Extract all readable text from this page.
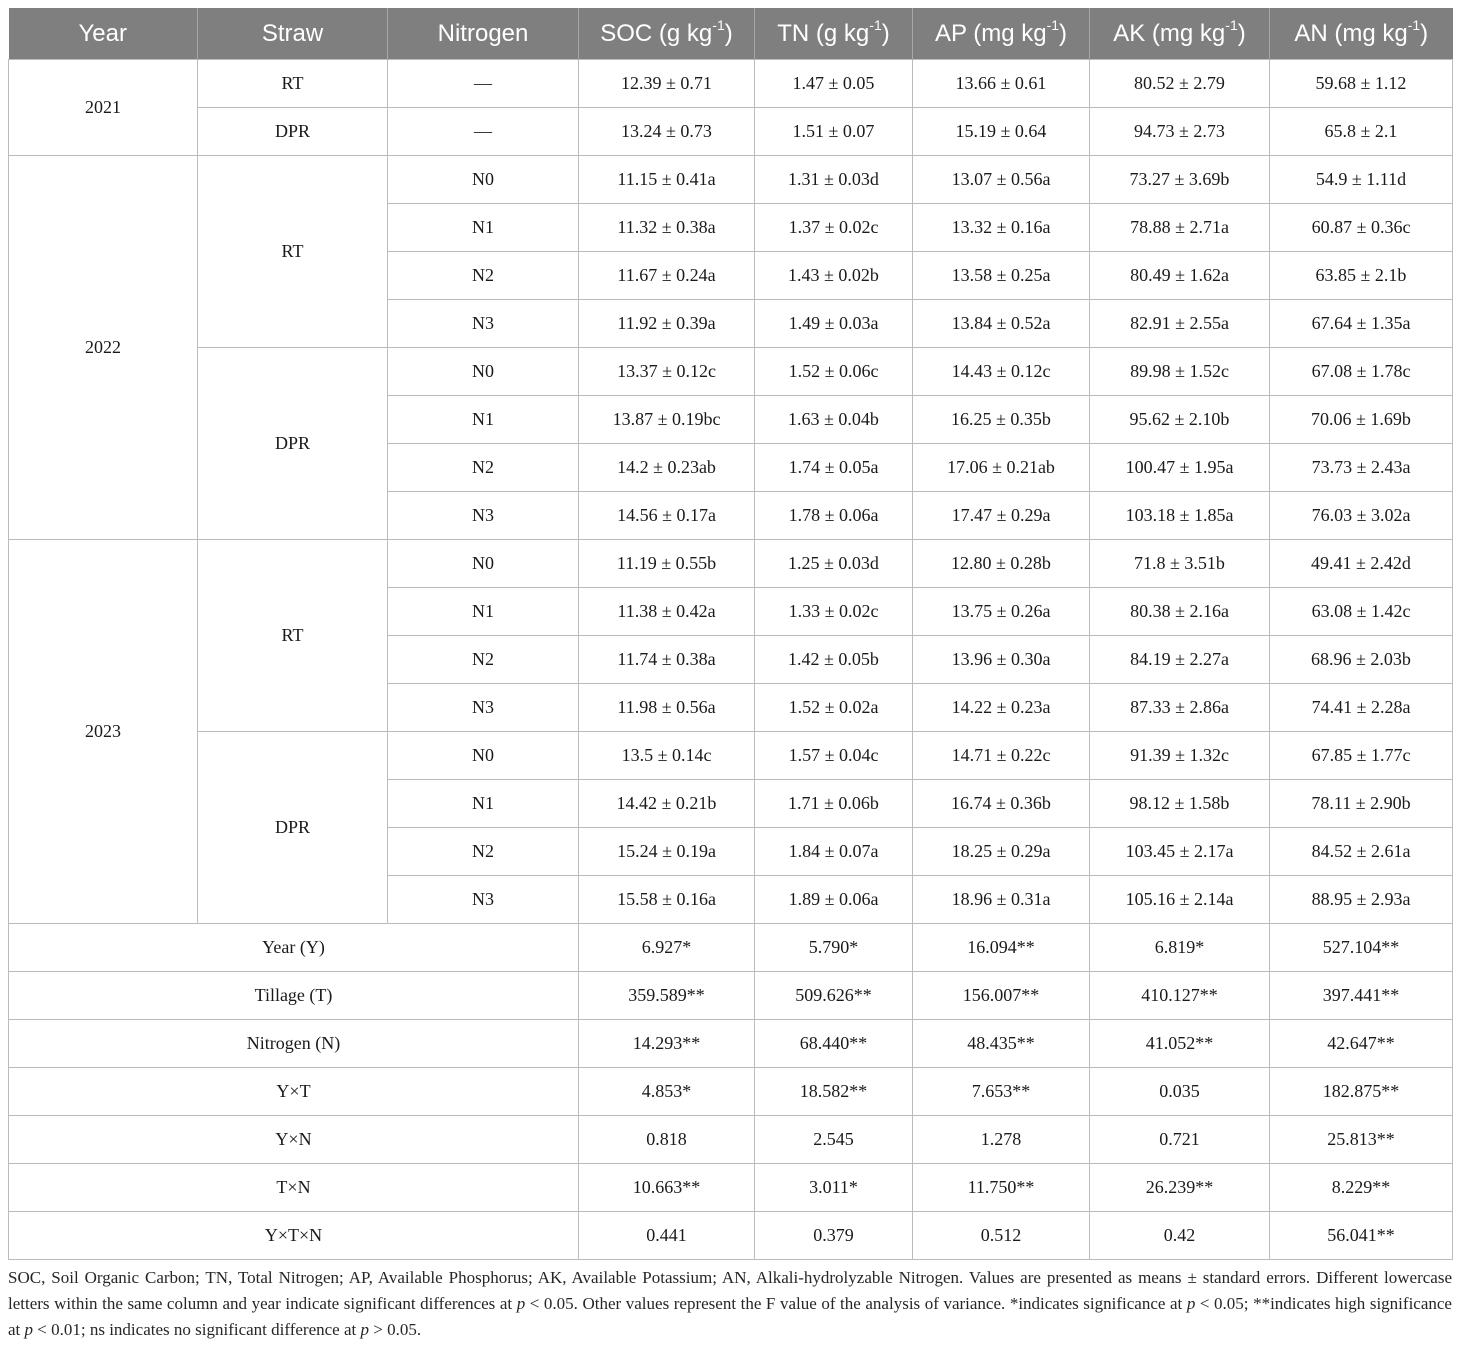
Year	Straw	Nitrogen	SOC (g $kg^{-1}$)	TN (g $kg^{-1}$)	AP (mg $kg^{-1}$)	AK (mg $kg^{-1}$)	AN (mg $kg^{-1}$)
2021	RT	—	12.39 ± 0.71	1.47 ± 0.05	13.66 ± 0.61	80.52 ± 2.79	59.68 ± 1.12
	DPR	—	13.24 ± 0.73	1.51 ± 0.07	15.19 ± 0.64	94.73 ± 2.73	65.8 ± 2.1
2022	RT	N0	11.15 ± 0.41a	1.31 ± 0.03d	13.07 ± 0.56a	73.27 ± 3.69b	54.9 ± 1.11d
		N1	11.32 ± 0.38a	1.37 ± 0.02c	13.32 ± 0.16a	78.88 ± 2.71a	60.87 ± 0.36c
		N2	11.67 ± 0.24a	1.43 ± 0.02b	13.58 ± 0.25a	80.49 ± 1.62a	63.85 ± 2.1b
		N3	11.92 ± 0.39a	1.49 ± 0.03a	13.84 ± 0.52a	82.91 ± 2.55a	67.64 ± 1.35a
	DPR	N0	13.37 ± 0.12c	1.52 ± 0.06c	14.43 ± 0.12c	89.98 ± 1.52c	67.08 ± 1.78c
		N1	13.87 ± 0.19bc	1.63 ± 0.04b	16.25 ± 0.35b	95.62 ± 2.10b	70.06 ± 1.69b
		N2	14.2 ± 0.23ab	1.74 ± 0.05a	17.06 ± 0.21ab	100.47 ± 1.95a	73.73 ± 2.43a
		N3	14.56 ± 0.17a	1.78 ± 0.06a	17.47 ± 0.29a	103.18 ± 1.85a	76.03 ± 3.02a
2023	RT	N0	11.19 ± 0.55b	1.25 ± 0.03d	12.80 ± 0.28b	71.8 ± 3.51b	49.41 ± 2.42d
		N1	11.38 ± 0.42a	1.33 ± 0.02c	13.75 ± 0.26a	80.38 ± 2.16a	63.08 ± 1.42c
		N2	11.74 ± 0.38a	1.42 ± 0.05b	13.96 ± 0.30a	84.19 ± 2.27a	68.96 ± 2.03b
		N3	11.98 ± 0.56a	1.52 ± 0.02a	14.22 ± 0.23a	87.33 ± 2.86a	74.41 ± 2.28a
	DPR	N0	13.5 ± 0.14c	1.57 ± 0.04c	14.71 ± 0.22c	91.39 ± 1.32c	67.85 ± 1.77c
		N1	14.42 ± 0.21b	1.71 ± 0.06b	16.74 ± 0.36b	98.12 ± 1.58b	78.11 ± 2.90b
		N2	15.24 ± 0.19a	1.84 ± 0.07a	18.25 ± 0.29a	103.45 ± 2.17a	84.52 ± 2.61a
		N3	15.58 ± 0.16a	1.89 ± 0.06a	18.96 ± 0.31a	105.16 ± 2.14a	88.95 ± 2.93a
Year (Y)			6.927*	5.790*	16.094**	6.819*	527.104**
Tillage (T)			359.589**	509.626**	156.007**	410.127**	397.441**
Nitrogen (N)			14.293**	68.440**	48.435**	41.052**	42.647**
Y×T			4.853*	18.582**	7.653**	0.035	182.875**
Y×N			0.818	2.545	1.278	0.721	25.813**
T×N			10.663**	3.011*	11.750**	26.239**	8.229**
Y×T×N			0.441	0.379	0.512	0.42	56.041**

SOC, Soil Organic Carbon; TN, Total Nitrogen; AP, Available Phosphorus; AK, Available Potassium; AN, Alkali-hydrolyzable Nitrogen. Values are presented as means ± standard errors. Different lowercase letters within the same column and year indicate significant differences at p < 0.05. Other values represent the F value of the analysis of variance. *indicates significance at p < 0.05; **indicates high significance at p < 0.01; ns indicates no significant difference at p > 0.05.
